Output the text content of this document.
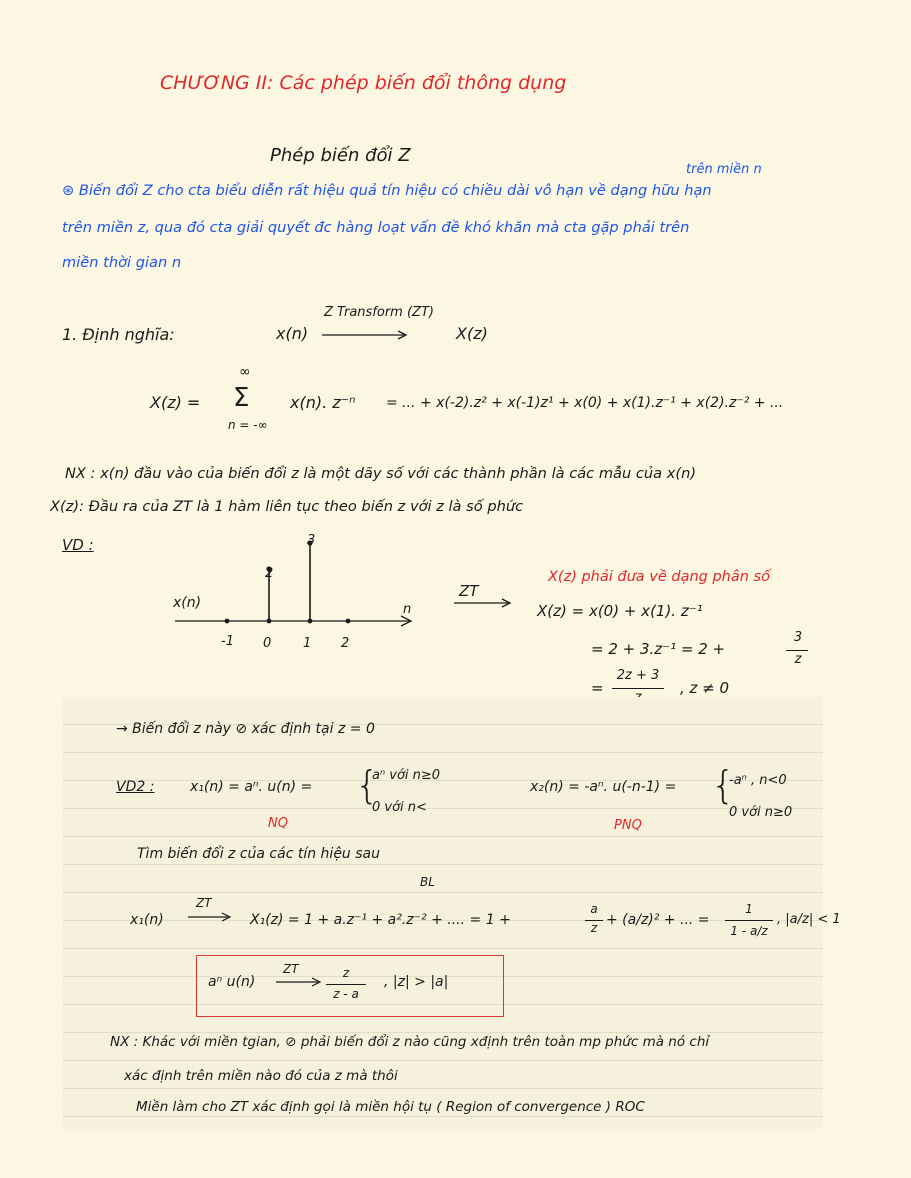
CHƯƠNG II: Các phép biến đổi thông dụng
Phép biến đổi Z
trên miền n
⊛ Biến đổi Z cho cta biểu diễn rất hiệu quả tín hiệu có chiều dài vô hạn về dạng hữu hạn
trên miền z, qua đó cta giải quyết đc hàng loạt vấn đề khó khăn mà cta gặp phải trên
miền thời gian n
1. Định nghĩa:	x(n)
Z Transform (ZT)
X(z)
X(z) =
∞
Σ
n = -∞
x(n). z⁻ⁿ = ... + x(-2).z² + x(-1)z¹ + x(0) + x(1).z⁻¹ + x(2).z⁻² + ...
NX : x(n) đầu vào của biến đổi z là một dãy số với các thành phần là các mẫu của x(n)
X(z): Đầu ra của ZT là 1 hàm liên tục theo biến z với z là số phức
VD :
x(n)	n
-1 0 1 2
2
3
ZT
X(z) phải đưa về dạng phân số
X(z) = x(0) + x(1). z⁻¹
= 2 + 3.z⁻¹ = 2 +
3
z
=
2z + 3
, z ≠ 0
→ Biến đổi z này ⊘ xác định tại z = 0
VD2 :	x₁(n) = aⁿ. u(n) = {
aⁿ với n≥0
0 với n<
NQ
x₂(n) = -aⁿ. u(-n-1) = {
-aⁿ , n<0
0 với n≥0
PNQ
Tìm biến đổi z của các tín hiệu sau
BL
x₁(n)
ZT
X₁(z) = 1 + a.z⁻¹ + a².z⁻² + .... = 1 +
a
z + (a/z)² + ... =
1
1 - a/z
, |a/z| < 1
aⁿ u(n)
ZT	z
z - a
, |z| > |a|
NX : Khác với miền tgian, ⊘ phải biến đổi z nào cũng xđịnh trên toàn mp phức mà nó chỉ
xác định trên miền nào đó của z mà thôi
Miền làm cho ZT xác định gọi là miền hội tụ ( Region of convergence ) ROC
